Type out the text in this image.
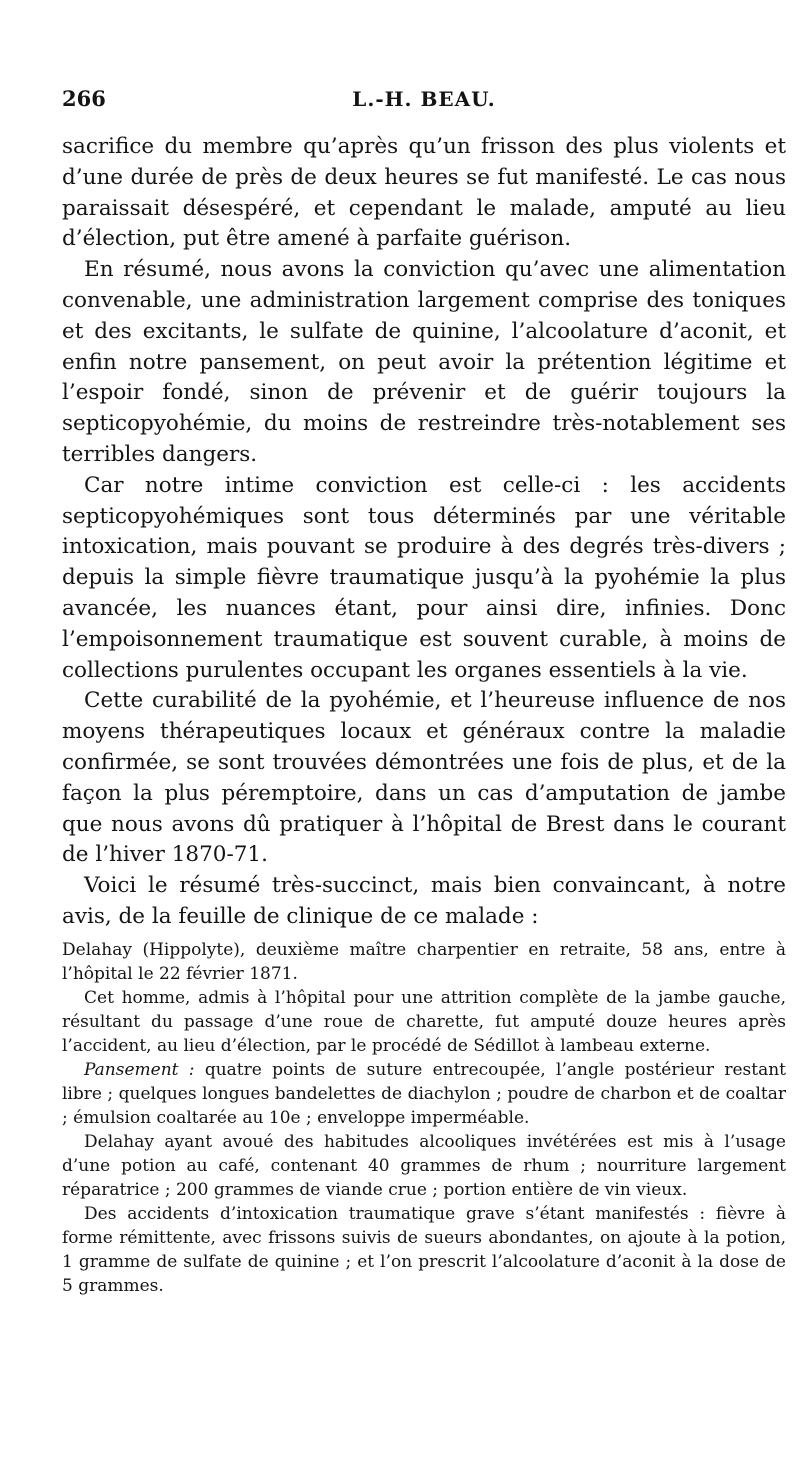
266	L.-H. BEAU.

sacrifice du membre qu’après qu’un frisson des plus violents et d’une durée de près de deux heures se fut manifesté. Le cas nous paraissait désespéré, et cependant le malade, amputé au lieu d’élection, put être amené à parfaite guérison.

En résumé, nous avons la conviction qu’avec une alimentation convenable, une administration largement comprise des toniques et des excitants, le sulfate de quinine, l’alcoolature d’aconit, et enfin notre pansement, on peut avoir la prétention légitime et l’espoir fondé, sinon de prévenir et de guérir toujours la septicopyohémie, du moins de restreindre très-notablement ses terribles dangers.

Car notre intime conviction est celle-ci : les accidents septicopyohémiques sont tous déterminés par une véritable intoxication, mais pouvant se produire à des degrés très-divers ; depuis la simple fièvre traumatique jusqu’à la pyohémie la plus avancée, les nuances étant, pour ainsi dire, infinies. Donc l’empoisonnement traumatique est souvent curable, à moins de collections purulentes occupant les organes essentiels à la vie.

Cette curabilité de la pyohémie, et l’heureuse influence de nos moyens thérapeutiques locaux et généraux contre la maladie confirmée, se sont trouvées démontrées une fois de plus, et de la façon la plus péremptoire, dans un cas d’amputation de jambe que nous avons dû pratiquer à l’hôpital de Brest dans le courant de l’hiver 1870-71.

Voici le résumé très-succinct, mais bien convaincant, à notre avis, de la feuille de clinique de ce malade :

Delahay (Hippolyte), deuxième maître charpentier en retraite, 58 ans, entre à l’hôpital le 22 février 1871.

Cet homme, admis à l’hôpital pour une attrition complète de la jambe gauche, résultant du passage d’une roue de charette, fut amputé douze heures après l’accident, au lieu d’élection, par le procédé de Sédillot à lambeau externe.

Pansement : quatre points de suture entrecoupée, l’angle postérieur restant libre ; quelques longues bandelettes de diachylon ; poudre de charbon et de coaltar ; émulsion coaltarée au 10e ; enveloppe imperméable.

Delahay ayant avoué des habitudes alcooliques invétérées est mis à l’usage d’une potion au café, contenant 40 grammes de rhum ; nourriture largement réparatrice ; 200 grammes de viande crue ; portion entière de vin vieux.

Des accidents d’intoxication traumatique grave s’étant manifestés : fièvre à forme rémittente, avec frissons suivis de sueurs abondantes, on ajoute à la potion, 1 gramme de sulfate de quinine ; et l’on prescrit l’alcoolature d’aconit à la dose de 5 grammes.
